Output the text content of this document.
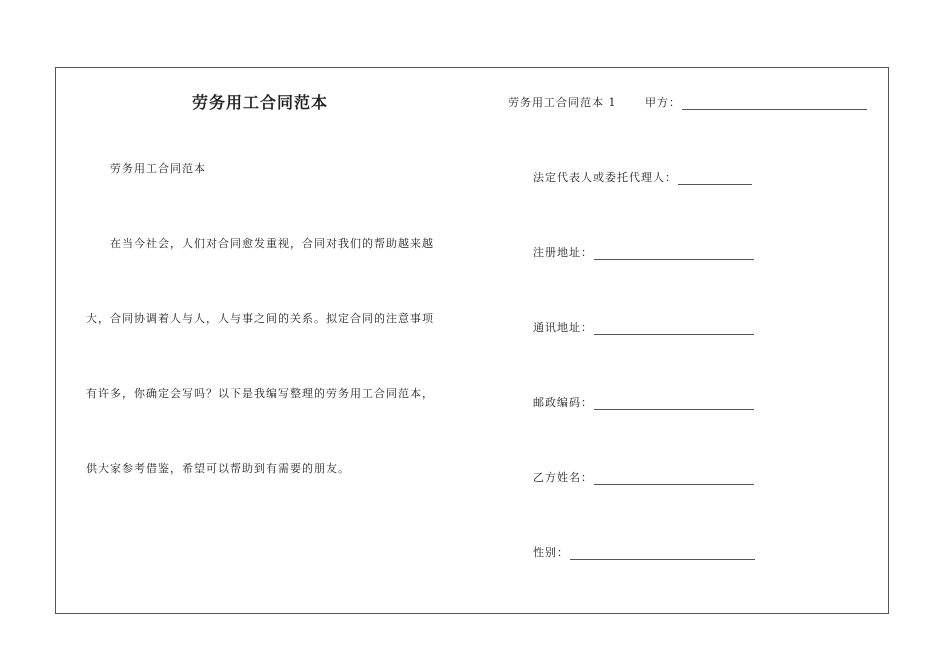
劳务用工合同范本
劳务用工合同范本
在当今社会，人们对合同愈发重视，合同对我们的帮助越来越
大，合同协调着人与人，人与事之间的关系。拟定合同的注意事项
有许多，你确定会写吗？以下是我编写整理的劳务用工合同范本，
供大家参考借鉴，希望可以帮助到有需要的朋友。
劳务用工合同范本 1	甲方：
法定代表人或委托代理人：
注册地址：
通讯地址：
邮政编码：
乙方姓名：
性别：
